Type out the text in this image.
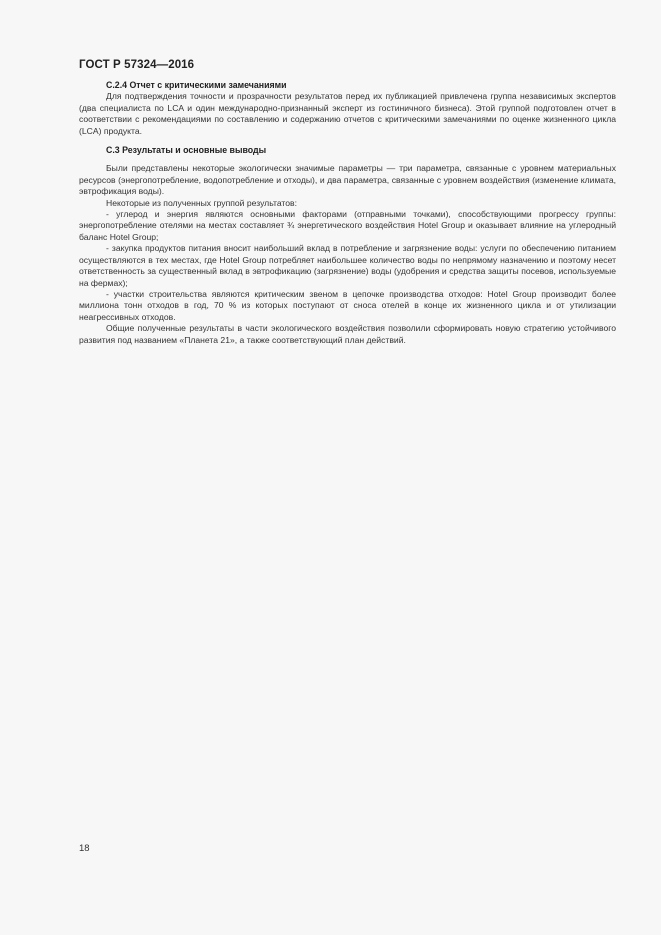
ГОСТ Р 57324—2016

С.2.4 Отчет с критическими замечаниями

Для подтверждения точности и прозрачности результатов перед их публикацией привлечена группа независимых экспертов (два специалиста по LCA и один международно-признанный эксперт из гостиничного бизнеса). Этой группой подготовлен отчет в соответствии с рекомендациями по составлению и содержанию отчетов с критическими замечаниями по оценке жизненного цикла (LCA) продукта.

С.3 Результаты и основные выводы

Были представлены некоторые экологически значимые параметры — три параметра, связанные с уровнем материальных ресурсов (энергопотребление, водопотребление и отходы), и два параметра, связанные с уровнем воздействия (изменение климата, эвтрофикация воды).

Некоторые из полученных группой результатов:

- углерод и энергия являются основными факторами (отправными точками), способствующими прогрессу группы: энергопотребление отелями на местах составляет ¾ энергетического воздействия Hotel Group и оказывает влияние на углеродный баланс Hotel Group;

- закупка продуктов питания вносит наибольший вклад в потребление и загрязнение воды: услуги по обеспечению питанием осуществляются в тех местах, где Hotel Group потребляет наибольшее количество воды по непрямому назначению и поэтому несет ответственность за существенный вклад в эвтрофикацию (загрязнение) воды (удобрения и средства защиты посевов, используемые на фермах);

- участки строительства являются критическим звеном в цепочке производства отходов: Hotel Group производит более миллиона тонн отходов в год, 70 % из которых поступают от сноса отелей в конце их жизненного цикла и от утилизации неагрессивных отходов.

Общие полученные результаты в части экологического воздействия позволили сформировать новую стратегию устойчивого развития под названием «Планета 21», а также соответствующий план действий.

18
